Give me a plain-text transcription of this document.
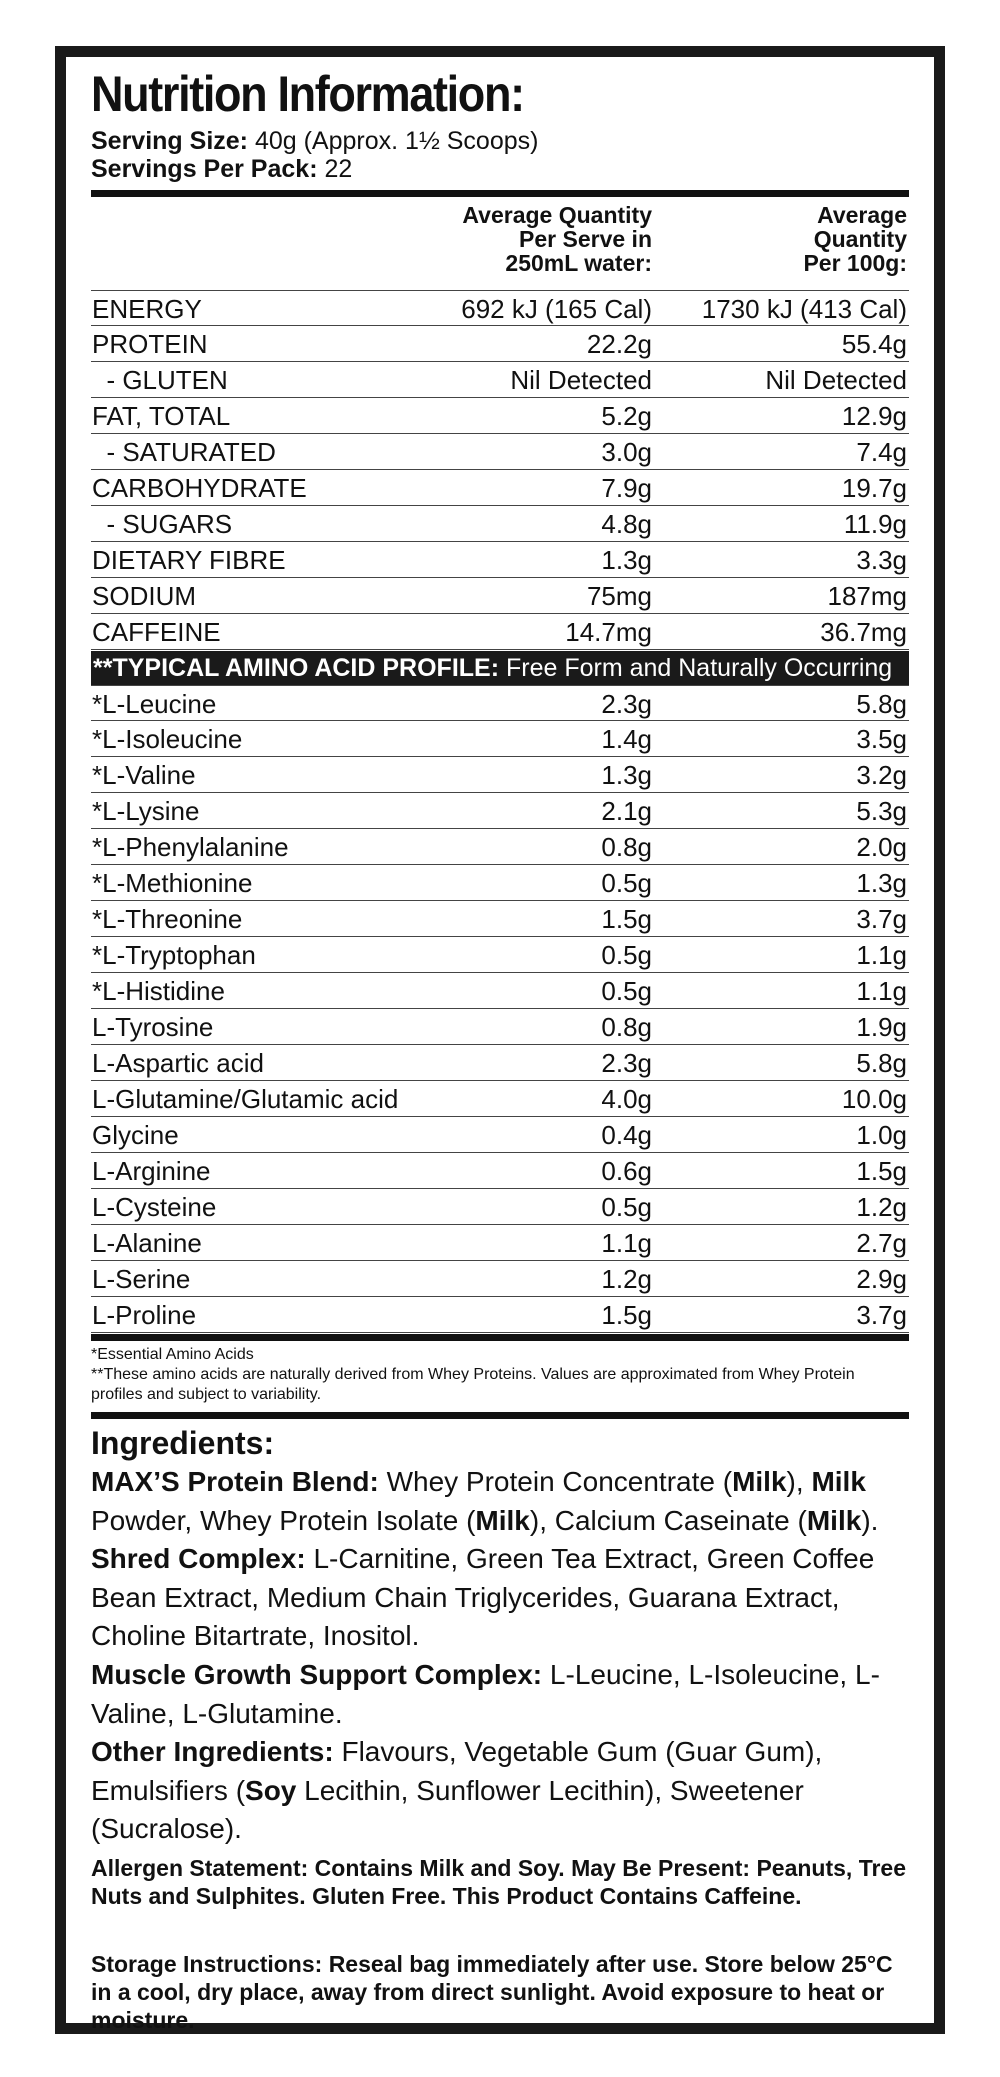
Nutrition Information:
Serving Size: 40g (Approx. 1½ Scoops)
Servings Per Pack: 22
Average Quantity
Per Serve in
250mL water:
Average
Quantity
Per 100g:
ENERGY	692 kJ (165 Cal) 1730 kJ (413 Cal)
PROTEIN	22.2g	55.4g
- GLUTEN	Nil Detected	Nil Detected
FAT, TOTAL	5.2g	12.9g
- SATURATED	3.0g	7.4g
CARBOHYDRATE	7.9g	19.7g
- SUGARS	4.8g	11.9g
DIETARY FIBRE	1.3g	3.3g
SODIUM	75mg	187mg
CAFFEINE	14.7mg	36.7mg
**TYPICAL AMINO ACID PROFILE: Free Form and Naturally Occurring
*L-Leucine	2.3g	5.8g
*L-Isoleucine	1.4g	3.5g
*L-Valine	1.3g	3.2g
*L-Lysine	2.1g	5.3g
*L-Phenylalanine	0.8g	2.0g
*L-Methionine	0.5g	1.3g
*L-Threonine	1.5g	3.7g
*L-Tryptophan	0.5g	1.1g
*L-Histidine	0.5g	1.1g
L-Tyrosine	0.8g	1.9g
L-Aspartic acid	2.3g	5.8g
L-Glutamine/Glutamic acid	4.0g	10.0g
Glycine	0.4g	1.0g
L-Arginine	0.6g	1.5g
L-Cysteine	0.5g	1.2g
L-Alanine	1.1g	2.7g
L-Serine	1.2g	2.9g
L-Proline	1.5g	3.7g
*Essential Amino Acids
**These amino acids are naturally derived from Whey Proteins. Values are approximated from Whey Protein profiles and subject to variability.
Ingredients:
MAX’S Protein Blend: Whey Protein Concentrate (Milk), Milk Powder, Whey Protein Isolate (Milk), Calcium Caseinate (Milk).
Shred Complex: L-Carnitine, Green Tea Extract, Green Coffee Bean Extract, Medium Chain Triglycerides, Guarana Extract, Choline Bitartrate, Inositol.
Muscle Growth Support Complex: L-Leucine, L-Isoleucine, L-Valine, L-Glutamine.
Other Ingredients: Flavours, Vegetable Gum (Guar Gum), Emulsifiers (Soy Lecithin, Sunflower Lecithin), Sweetener (Sucralose).
Allergen Statement: Contains Milk and Soy. May Be Present: Peanuts, Tree Nuts and Sulphites. Gluten Free. This Product Contains Caffeine.
Storage Instructions: Reseal bag immediately after use. Store below 25°C in a cool, dry place, away from direct sunlight. Avoid exposure to heat or moisture.
